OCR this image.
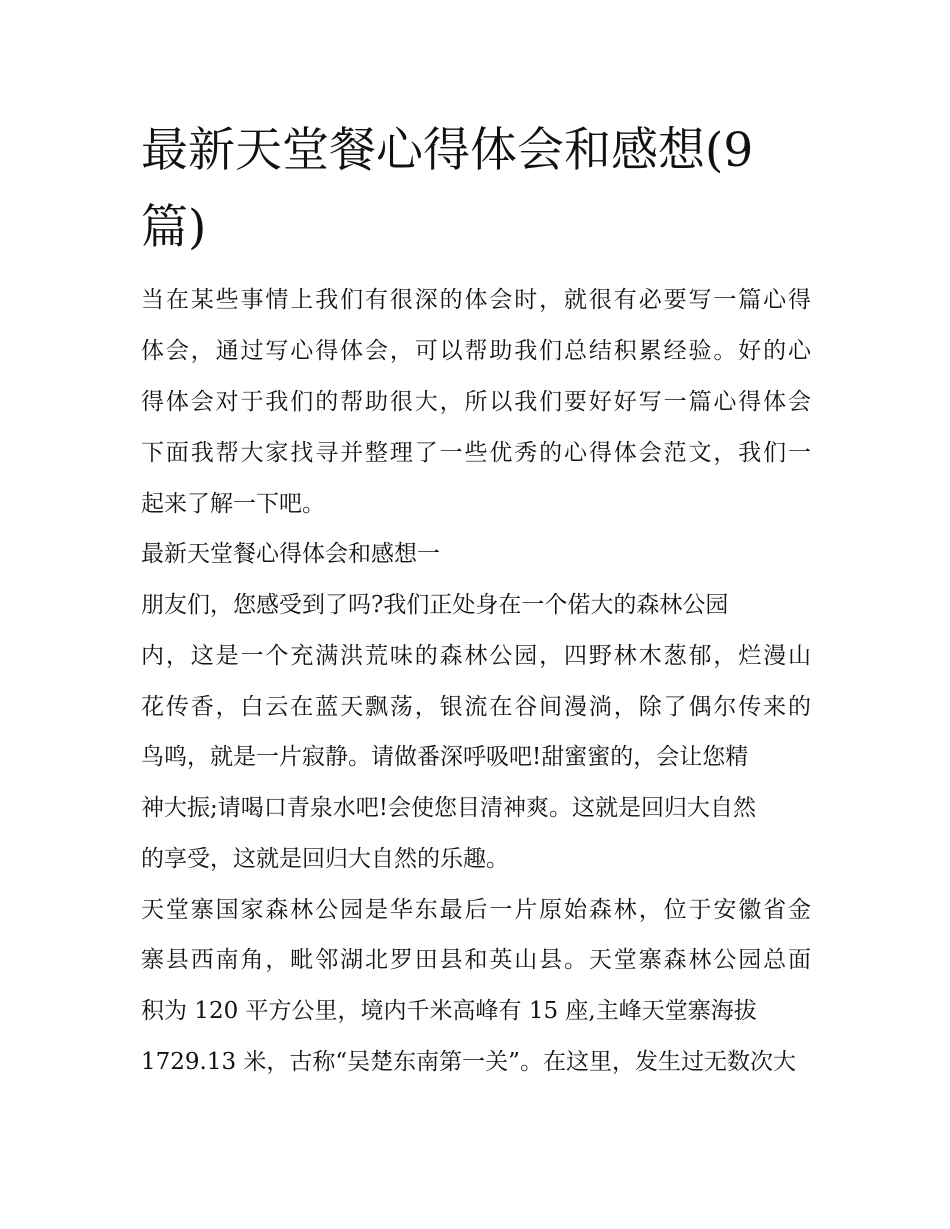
最新天堂餐心得体会和感想(9篇)

当在某些事情上我们有很深的体会时，就很有必要写一篇心得

体会，通过写心得体会，可以帮助我们总结积累经验。好的心

得体会对于我们的帮助很大，所以我们要好好写一篇心得体会

下面我帮大家找寻并整理了一些优秀的心得体会范文，我们一

起来了解一下吧。

最新天堂餐心得体会和感想一

朋友们，您感受到了吗?我们正处身在一个偌大的森林公园

内，这是一个充满洪荒味的森林公园，四野林木葱郁，烂漫山

花传香，白云在蓝天飘荡，银流在谷间漫淌，除了偶尔传来的

鸟鸣，就是一片寂静。请做番深呼吸吧!甜蜜蜜的，会让您精

神大振;请喝口青泉水吧!会使您目清神爽。这就是回归大自然

的享受，这就是回归大自然的乐趣。

天堂寨国家森林公园是华东最后一片原始森林，位于安徽省金

寨县西南角，毗邻湖北罗田县和英山县。天堂寨森林公园总面

积为 120 平方公里，境内千米高峰有 15 座,主峰天堂寨海拔

1729.13 米，古称“吴楚东南第一关”。在这里，发生过无数次大
